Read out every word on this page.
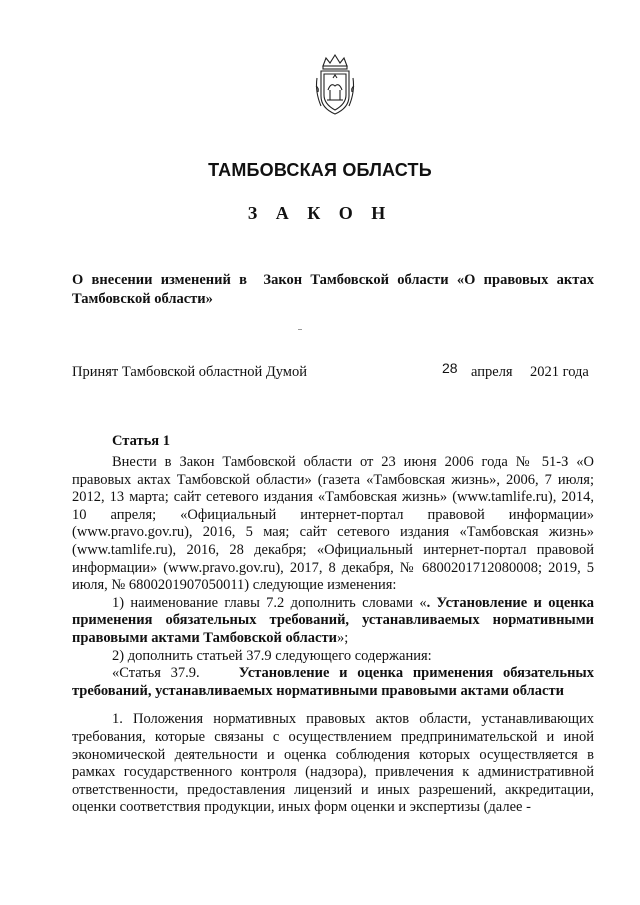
ТАМБОВСКАЯ ОБЛАСТЬ
З А К О Н
О внесении изменений в Закон Тамбовской области «О правовых актах Тамбовской области»
Принят Тамбовской областной Думой	28 апреля 2021 года
Статья 1

Внести в Закон Тамбовской области от 23 июня 2006 года № 51-З «О правовых актах Тамбовской области» (газета «Тамбовская жизнь», 2006, 7 июля; 2012, 13 марта; сайт сетевого издания «Тамбовская жизнь» (www.tamlife.ru), 2014, 10 апреля; «Официальный интернет-портал правовой информации» (www.pravo.gov.ru), 2016, 5 мая; сайт сетевого издания «Тамбовская жизнь» (www.tamlife.ru), 2016, 28 декабря; «Официальный интернет-портал правовой информации» (www.pravo.gov.ru), 2017, 8 декабря, № 6800201712080008; 2019, 5 июля, № 6800201907050011) следующие изменения:

1) наименование главы 7.2 дополнить словами «. Установление и оценка применения обязательных требований, устанавливаемых нормативными правовыми актами Тамбовской области»;

2) дополнить статьей 37.9 следующего содержания:

«Статья 37.9.	Установление и оценка применения обязательных требований, устанавливаемых нормативными правовыми актами области

1. Положения нормативных правовых актов области, устанавливающих требования, которые связаны с осуществлением предпринимательской и иной экономической деятельности и оценка соблюдения которых осуществляется в рамках государственного контроля (надзора), привлечения к административной ответственности, предоставления лицензий и иных разрешений, аккредитации, оценки соответствия продукции, иных форм оценки и экспертизы (далее -
